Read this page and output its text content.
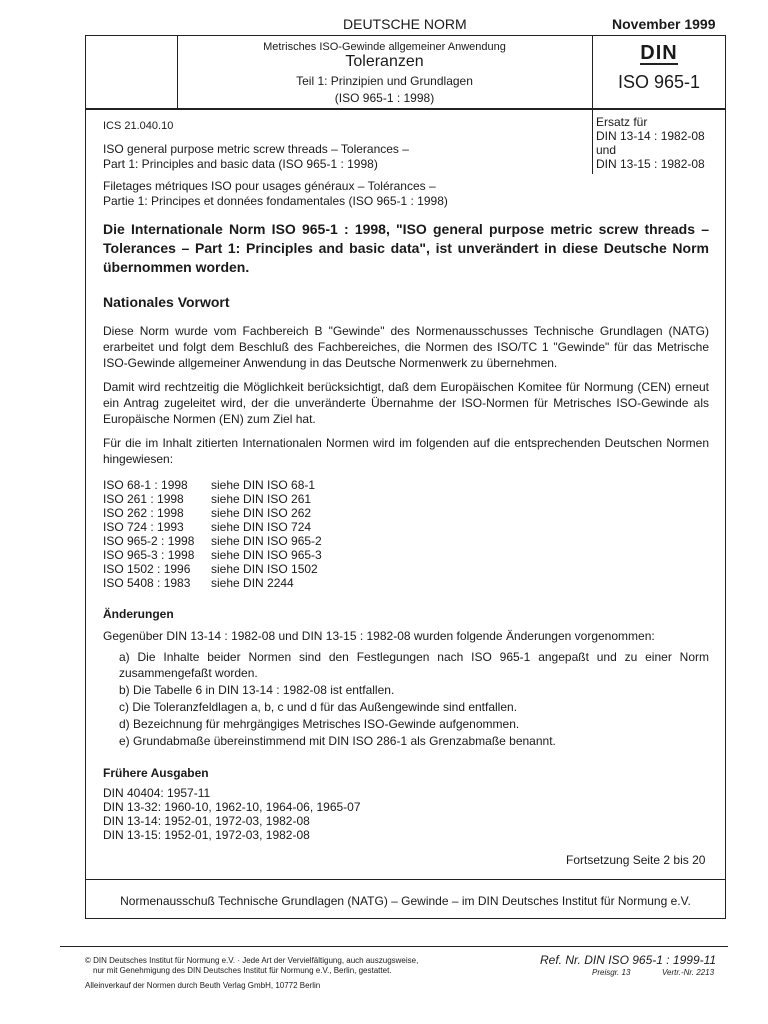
DEUTSCHE NORM	November 1999
Metrisches ISO-Gewinde allgemeiner Anwendung
Toleranzen
Teil 1: Prinzipien und Grundlagen
(ISO 965-1 : 1998)
DIN
ISO 965-1
ICS 21.040.10
ISO general purpose metric screw threads – Tolerances –
Part 1: Principles and basic data (ISO 965-1 : 1998)
Filetages métriques ISO pour usages généraux – Tolérances –
Partie 1: Principes et données fondamentales (ISO 965-1 : 1998)
Ersatz für
DIN 13-14 : 1982-08
und
DIN 13-15 : 1982-08
Die Internationale Norm ISO 965-1 : 1998, "ISO general purpose metric screw threads – Tolerances – Part 1: Principles and basic data", ist unverändert in diese Deutsche Norm übernommen worden.
Nationales Vorwort
Diese Norm wurde vom Fachbereich B "Gewinde" des Normenausschusses Technische Grundlagen (NATG) erarbeitet und folgt dem Beschluß des Fachbereiches, die Normen des ISO/TC 1 "Gewinde" für das Metrische ISO-Gewinde allgemeiner Anwendung in das Deutsche Normenwerk zu übernehmen.
Damit wird rechtzeitig die Möglichkeit berücksichtigt, daß dem Europäischen Komitee für Normung (CEN) erneut ein Antrag zugeleitet wird, der die unveränderte Übernahme der ISO-Normen für Metrisches ISO-Gewinde als Europäische Normen (EN) zum Ziel hat.
Für die im Inhalt zitierten Internationalen Normen wird im folgenden auf die entsprechenden Deutschen Normen hingewiesen:
ISO 68-1 : 1998 siehe DIN ISO 68-1
ISO 261 : 1998 siehe DIN ISO 261
ISO 262 : 1998 siehe DIN ISO 262
ISO 724 : 1993 siehe DIN ISO 724
ISO 965-2 : 1998 siehe DIN ISO 965-2
ISO 965-3 : 1998 siehe DIN ISO 965-3
ISO 1502 : 1996 siehe DIN ISO 1502
ISO 5408 : 1983 siehe DIN 2244
Änderungen
Gegenüber DIN 13-14 : 1982-08 und DIN 13-15 : 1982-08 wurden folgende Änderungen vorgenommen:
a) Die Inhalte beider Normen sind den Festlegungen nach ISO 965-1 angepaßt und zu einer Norm zusammengefaßt worden.
b) Die Tabelle 6 in DIN 13-14 : 1982-08 ist entfallen.
c) Die Toleranzfeldlagen a, b, c und d für das Außengewinde sind entfallen.
d) Bezeichnung für mehrgängiges Metrisches ISO-Gewinde aufgenommen.
e) Grundabmaße übereinstimmend mit DIN ISO 286-1 als Grenzabmaße benannt.
Frühere Ausgaben
DIN 40404: 1957-11
DIN 13-32: 1960-10, 1962-10, 1964-06, 1965-07
DIN 13-14: 1952-01, 1972-03, 1982-08
DIN 13-15: 1952-01, 1972-03, 1982-08
Fortsetzung Seite 2 bis 20
Normenausschuß Technische Grundlagen (NATG) – Gewinde – im DIN Deutsches Institut für Normung e.V.
© DIN Deutsches Institut für Normung e.V. · Jede Art der Vervielfältigung, auch auszugsweise,
nur mit Genehmigung des DIN Deutsches Institut für Normung e.V., Berlin, gestattet.
Ref. Nr. DIN ISO 965-1 : 1999-11
Preisgr. 13	Vertr.-Nr. 2213
Alleinverkauf der Normen durch Beuth Verlag GmbH, 10772 Berlin
